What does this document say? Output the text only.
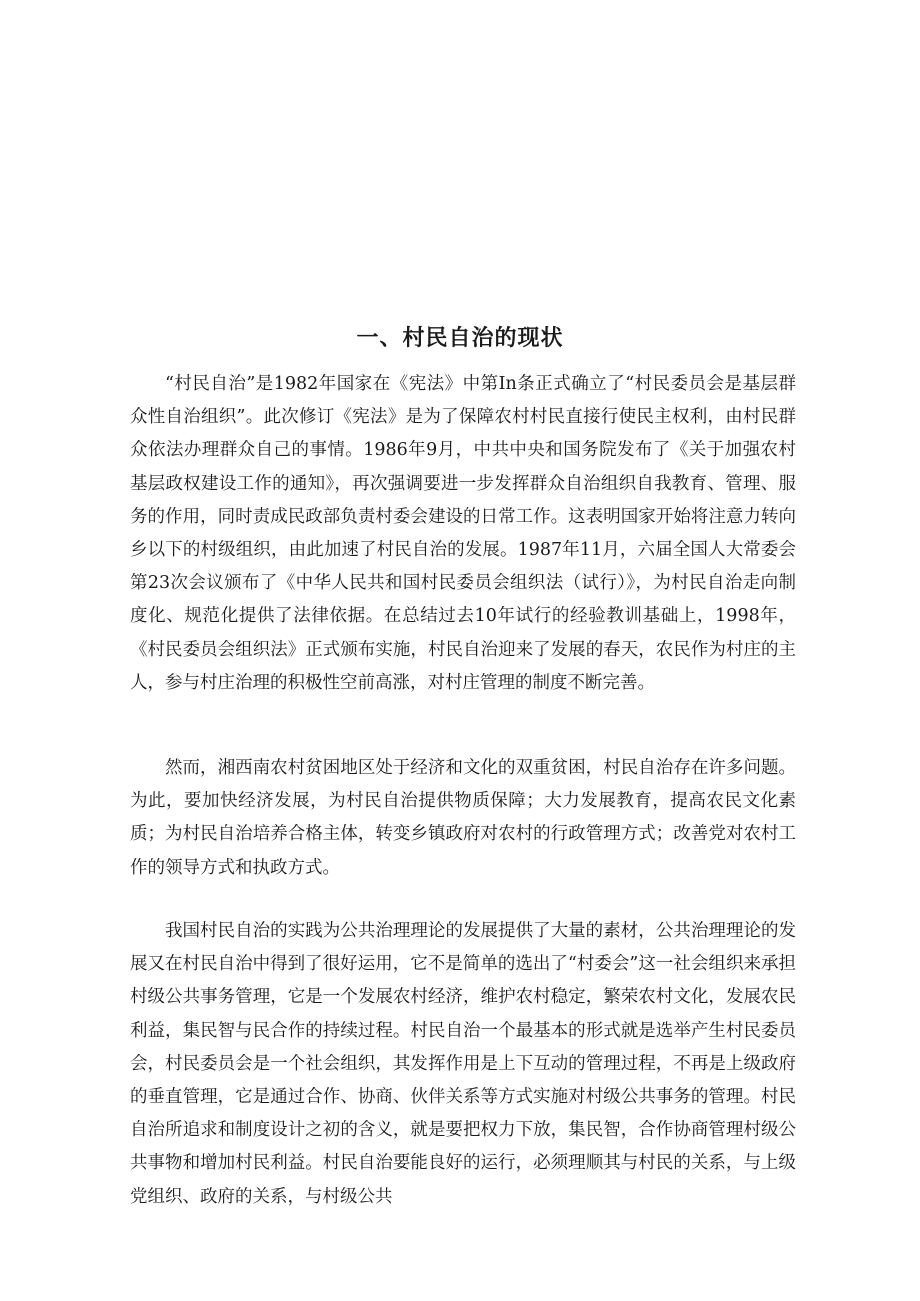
一、村民自治的现状

“村民自治”是1982年国家在《宪法》中第In条正式确立了“村民委员会是基层群众性自治组织”。此次修订《宪法》是为了保障农村村民直接行使民主权利，由村民群众依法办理群众自己的事情。1986年9月，中共中央和国务院发布了《关于加强农村基层政权建设工作的通知》，再次强调要进一步发挥群众自治组织自我教育、管理、服务的作用，同时责成民政部负责村委会建设的日常工作。这表明国家开始将注意力转向乡以下的村级组织，由此加速了村民自治的发展。1987年11月，六届全国人大常委会第23次会议颁布了《中华人民共和国村民委员会组织法（试行）》，为村民自治走向制度化、规范化提供了法律依据。在总结过去10年试行的经验教训基础上，1998年，《村民委员会组织法》正式颁布实施，村民自治迎来了发展的春天，农民作为村庄的主人，参与村庄治理的积极性空前高涨，对村庄管理的制度不断完善。

然而，湘西南农村贫困地区处于经济和文化的双重贫困，村民自治存在许多问题。为此，要加快经济发展，为村民自治提供物质保障；大力发展教育，提高农民文化素质；为村民自治培养合格主体，转变乡镇政府对农村的行政管理方式；改善党对农村工作的领导方式和执政方式。

我国村民自治的实践为公共治理理论的发展提供了大量的素材，公共治理理论的发展又在村民自治中得到了很好运用，它不是简单的选出了“村委会”这一社会组织来承担村级公共事务管理，它是一个发展农村经济，维护农村稳定，繁荣农村文化，发展农民利益，集民智与民合作的持续过程。村民自治一个最基本的形式就是选举产生村民委员会，村民委员会是一个社会组织，其发挥作用是上下互动的管理过程，不再是上级政府的垂直管理，它是通过合作、协商、伙伴关系等方式实施对村级公共事务的管理。村民自治所追求和制度设计之初的含义，就是要把权力下放，集民智，合作协商管理村级公共事物和增加村民利益。村民自治要能良好的运行，必须理顺其与村民的关系，与上级党组织、政府的关系，与村级公共
